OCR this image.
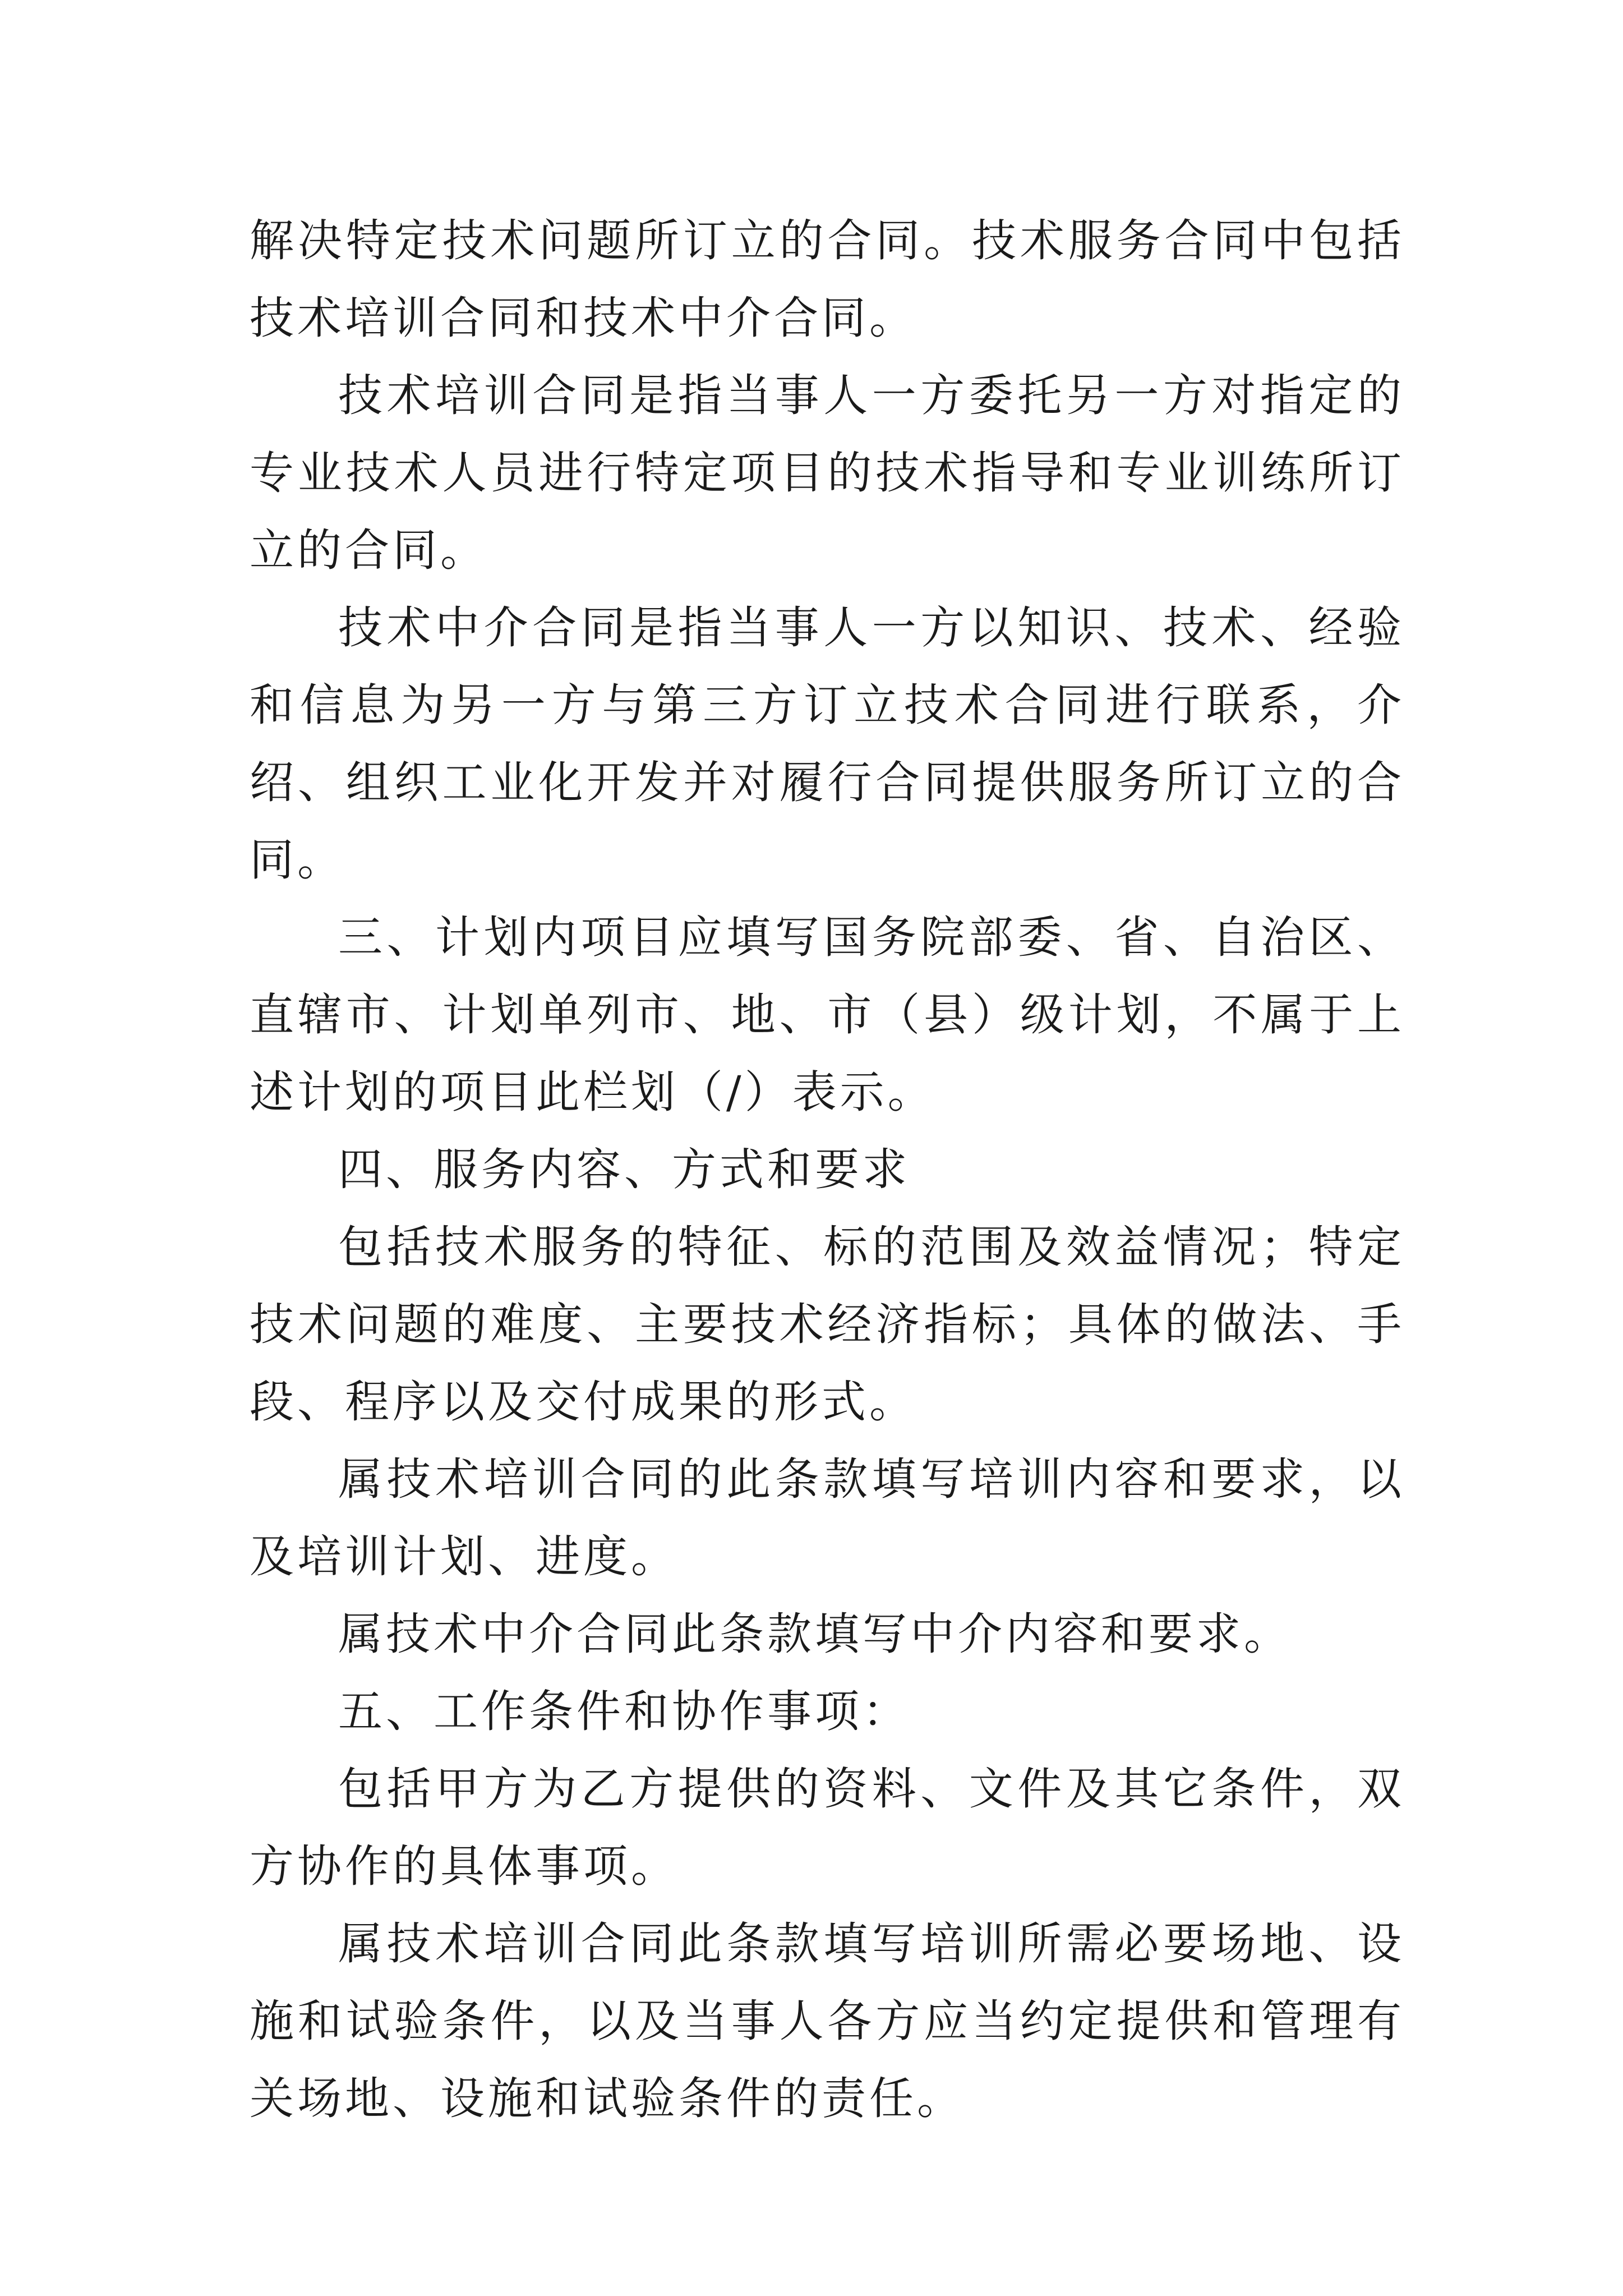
解决特定技术问题所订立的合同。技术服务合同中包括技术培训合同和技术中介合同。

技术培训合同是指当事人一方委托另一方对指定的专业技术人员进行特定项目的技术指导和专业训练所订立的合同。

技术中介合同是指当事人一方以知识、技术、经验和信息为另一方与第三方订立技术合同进行联系，介绍、组织工业化开发并对履行合同提供服务所订立的合同。

三、计划内项目应填写国务院部委、省、自治区、直辖市、计划单列市、地、市（县）级计划，不属于上述计划的项目此栏划（/）表示。

四、服务内容、方式和要求

包括技术服务的特征、标的范围及效益情况；特定技术问题的难度、主要技术经济指标；具体的做法、手段、程序以及交付成果的形式。

属技术培训合同的此条款填写培训内容和要求，以及培训计划、进度。

属技术中介合同此条款填写中介内容和要求。

五、工作条件和协作事项：

包括甲方为乙方提供的资料、文件及其它条件，双方协作的具体事项。

属技术培训合同此条款填写培训所需必要场地、设施和试验条件，以及当事人各方应当约定提供和管理有关场地、设施和试验条件的责任。
